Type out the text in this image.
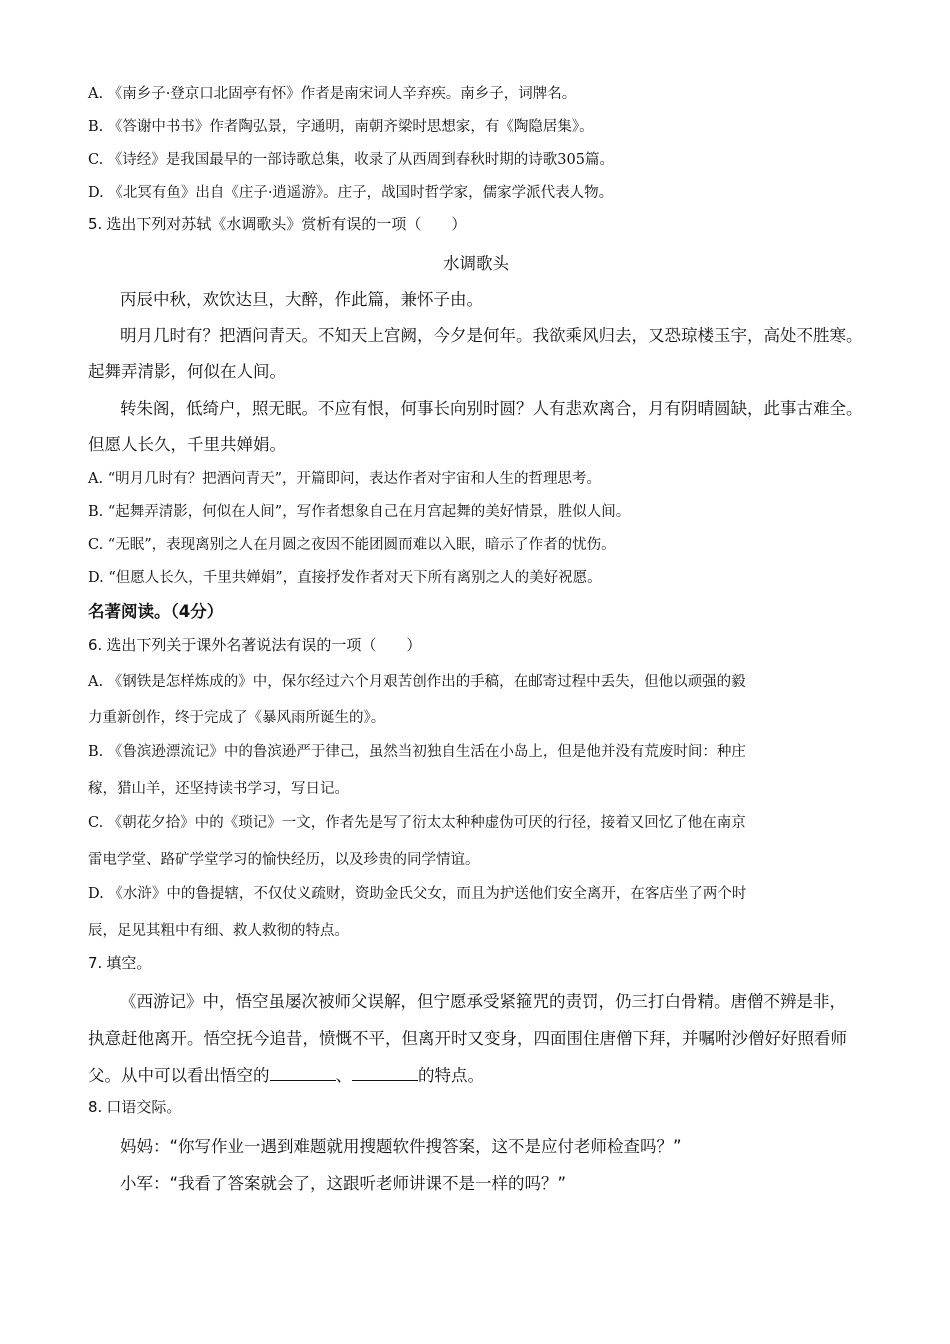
A. 《南乡子·登京口北固亭有怀》作者是南宋词人辛弃疾。南乡子，词牌名。
B. 《答谢中书书》作者陶弘景，字通明，南朝齐梁时思想家，有《陶隐居集》。
C. 《诗经》是我国最早的一部诗歌总集，收录了从西周到春秋时期的诗歌305篇。
D. 《北冥有鱼》出自《庄子·逍遥游》。庄子，战国时哲学家，儒家学派代表人物。
5. 选出下列对苏轼《水调歌头》赏析有误的一项（　　）
水调歌头
丙辰中秋，欢饮达旦，大醉，作此篇，兼怀子由。
明月几时有？把酒问青天。不知天上宫阙，今夕是何年。我欲乘风归去，又恐琼楼玉宇，高处不胜寒。
起舞弄清影，何似在人间。
转朱阁，低绮户，照无眠。不应有恨，何事长向别时圆？人有悲欢离合，月有阴晴圆缺，此事古难全。
但愿人长久，千里共婵娟。
A. “明月几时有？把酒问青天”，开篇即问，表达作者对宇宙和人生的哲理思考。
B. “起舞弄清影，何似在人间”，写作者想象自己在月宫起舞的美好情景，胜似人间。
C. “无眠”，表现离别之人在月圆之夜因不能团圆而难以入眠，暗示了作者的忧伤。
D. “但愿人长久，千里共婵娟”，直接抒发作者对天下所有离别之人的美好祝愿。
名著阅读。（4分）
6. 选出下列关于课外名著说法有误的一项（　　）
A. 《钢铁是怎样炼成的》中，保尔经过六个月艰苦创作出的手稿，在邮寄过程中丢失，但他以顽强的毅
力重新创作，终于完成了《暴风雨所诞生的》。
B. 《鲁滨逊漂流记》中的鲁滨逊严于律己，虽然当初独自生活在小岛上，但是他并没有荒废时间：种庄
稼，猎山羊，还坚持读书学习，写日记。
C. 《朝花夕拾》中的《琐记》一文，作者先是写了衍太太种种虚伪可厌的行径，接着又回忆了他在南京
雷电学堂、路矿学堂学习的愉快经历，以及珍贵的同学情谊。
D. 《水浒》中的鲁提辖，不仅仗义疏财，资助金氏父女，而且为护送他们安全离开，在客店坐了两个时
辰，足见其粗中有细、救人救彻的特点。
7. 填空。
《西游记》中，悟空虽屡次被师父误解，但宁愿承受紧箍咒的责罚，仍三打白骨精。唐僧不辨是非，
执意赶他离开。悟空抚今追昔，愤慨不平，但离开时又变身，四面围住唐僧下拜，并嘱咐沙僧好好照看师
父。从中可以看出悟空的	、	的特点。
8. 口语交际。
妈妈：“你写作业一遇到难题就用搜题软件搜答案，这不是应付老师检查吗？”
小军：“我看了答案就会了，这跟听老师讲课不是一样的吗？”
